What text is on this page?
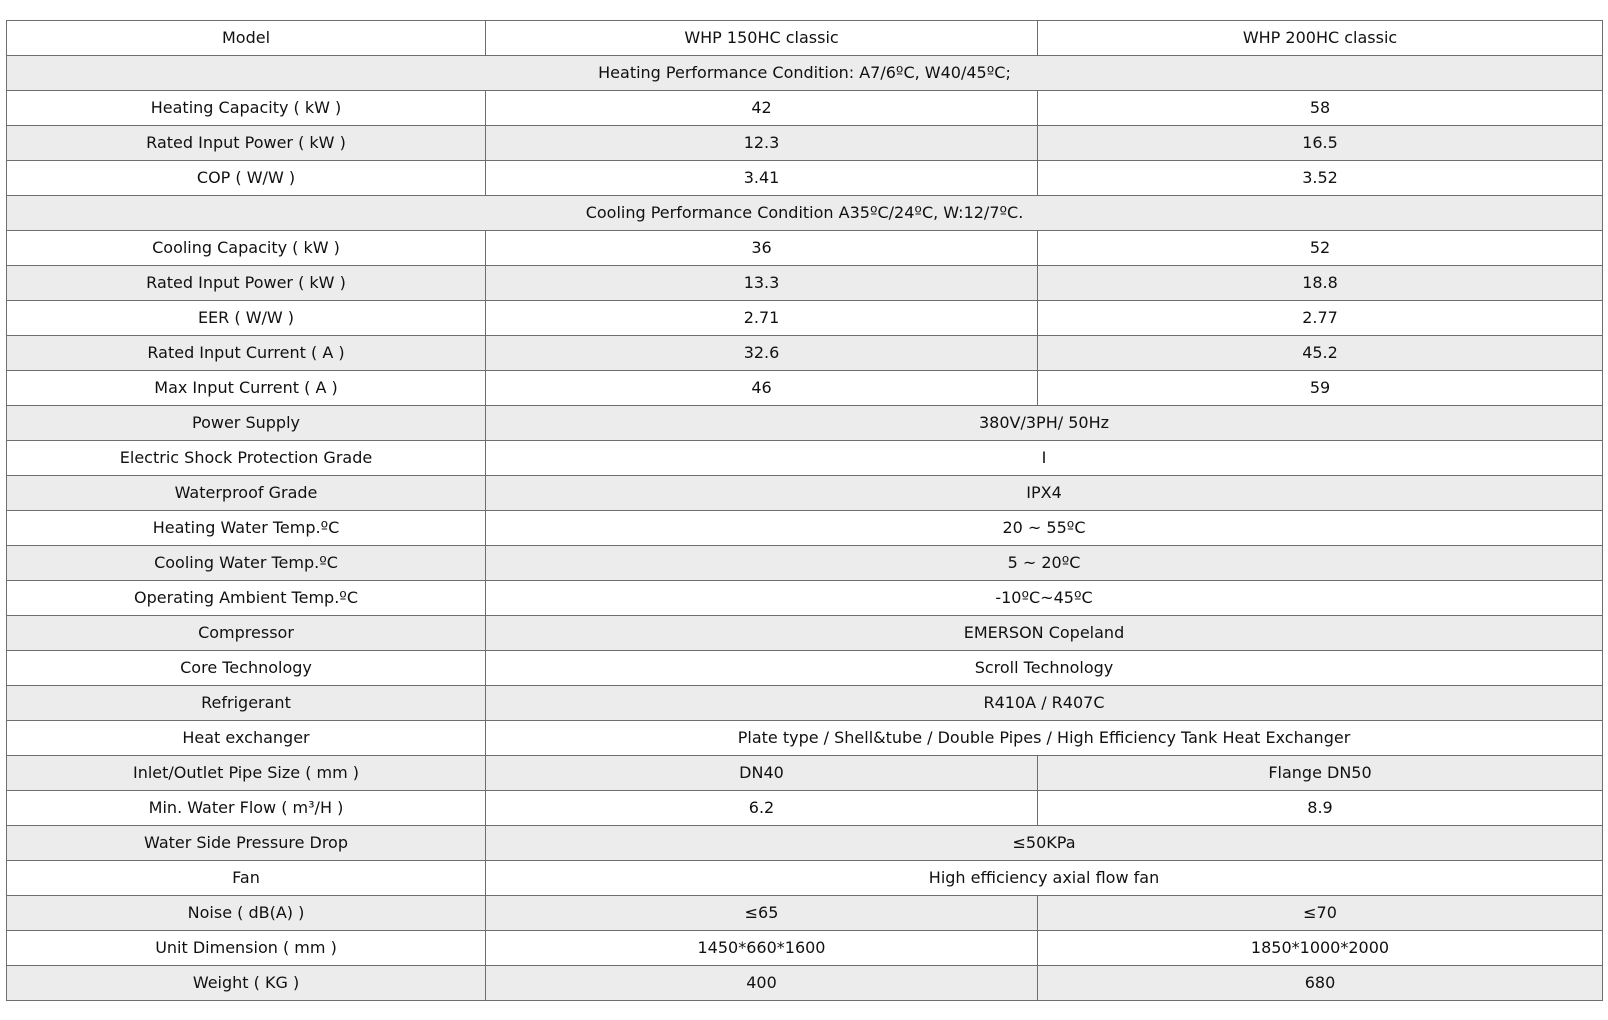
Model	WHP 150HC classic	WHP 200HC classic
Heating Performance Condition: A7/6ºC, W40/45ºC;		
Heating Capacity ( kW )	42	58
Rated Input Power ( kW )	12.3	16.5
COP ( W/W )	3.41	3.52
Cooling Performance Condition A35ºC/24ºC, W:12/7ºC.		
Cooling Capacity ( kW )	36	52
Rated Input Power ( kW )	13.3	18.8
EER ( W/W )	2.71	2.77
Rated Input Current ( A )	32.6	45.2
Max Input Current ( A )	46	59
Power Supply	380V/3PH/ 50Hz	
Electric Shock Protection Grade	I	
Waterproof Grade	IPX4	
Heating Water Temp.ºC	20 ~ 55ºC	
Cooling Water Temp.ºC	5 ~ 20ºC	
Operating Ambient Temp.ºC	-10ºC~45ºC	
Compressor	EMERSON Copeland	
Core Technology	Scroll Technology	
Refrigerant	R410A / R407C	
Heat exchanger	Plate type / Shell&tube / Double Pipes / High Efficiency Tank Heat Exchanger	
Inlet/Outlet Pipe Size ( mm )	DN40	Flange DN50
Min. Water Flow ( m³/H )	6.2	8.9
Water Side Pressure Drop	≤50KPa	
Fan	High efficiency axial flow fan	
Noise ( dB(A) )	≤65	≤70
Unit Dimension ( mm )	1450*660*1600	1850*1000*2000
Weight ( KG )	400	680
